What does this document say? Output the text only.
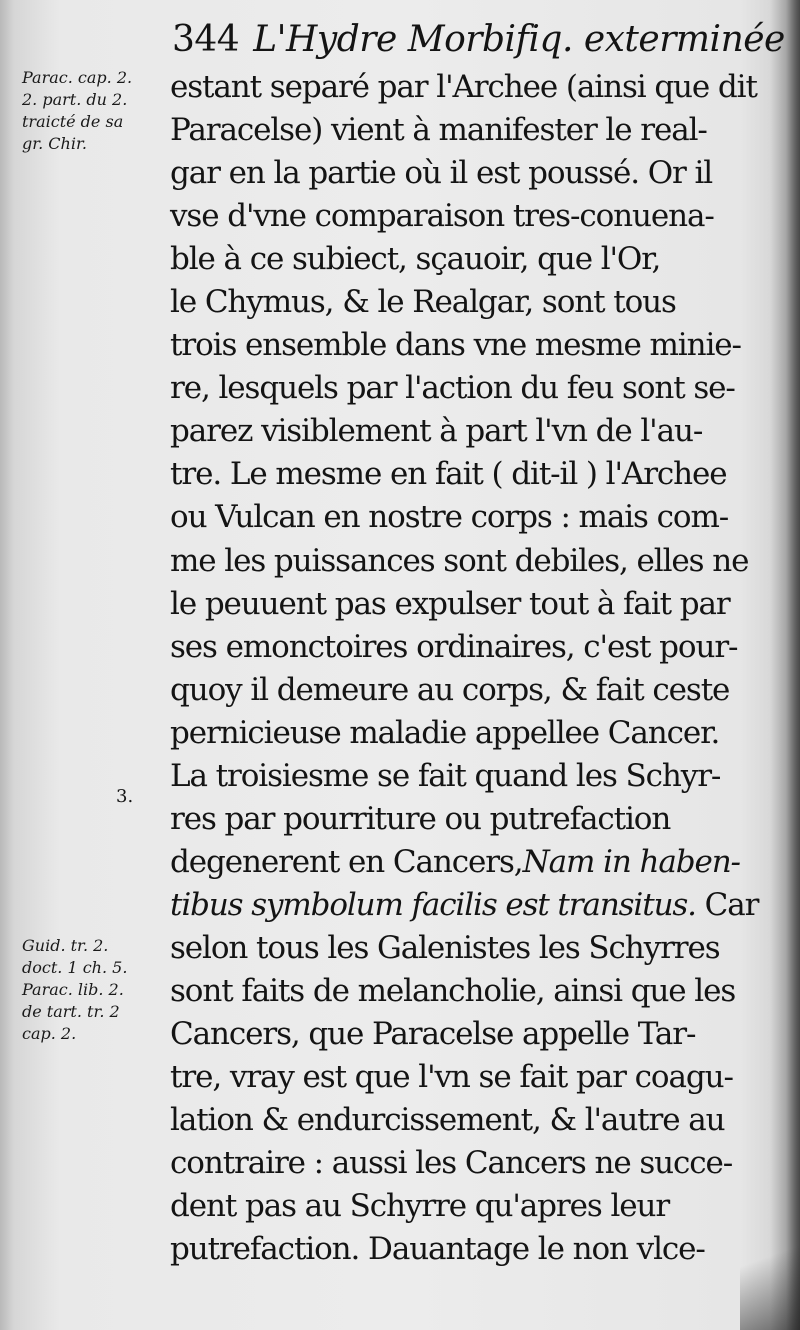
344 L'Hydre Morbifiq. exterminée
Parac. cap. 2.
2. part. du 2.
traicté de sa
gr. Chir.
Guid. tr. 2.
doct. 1 ch. 5.
Parac. lib. 2.
de tart. tr. 2
cap. 2.
3.
estant separé par l'Archee (ainsi que dit
Paracelse) vient à manifester le real-
gar en la partie où il est poussé. Or il
vse d'vne comparaison tres-conuena-
ble à ce subiect, sçauoir, que l'Or,
le Chymus, & le Realgar, sont tous
trois ensemble dans vne mesme minie-
re, lesquels par l'action du feu sont se-
parez visiblement à part l'vn de l'au-
tre. Le mesme en fait ( dit-il ) l'Archee
ou Vulcan en nostre corps : mais com-
me les puissances sont debiles, elles ne
le peuuent pas expulser tout à fait par
ses emonctoires ordinaires, c'est pour-
quoy il demeure au corps, & fait ceste
pernicieuse maladie appellee Cancer.
La troisiesme se fait quand les Schyr-
res par pourriture ou putrefaction
degenerent en Cancers,Nam in haben-
tibus symbolum facilis est transitus. Car
selon tous les Galenistes les Schyrres
sont faits de melancholie, ainsi que les
Cancers, que Paracelse appelle Tar-
tre, vray est que l'vn se fait par coagu-
lation & endurcissement, & l'autre au
contraire : aussi les Cancers ne succe-
dent pas au Schyrre qu'apres leur
putrefaction. Dauantage le non vlce-
